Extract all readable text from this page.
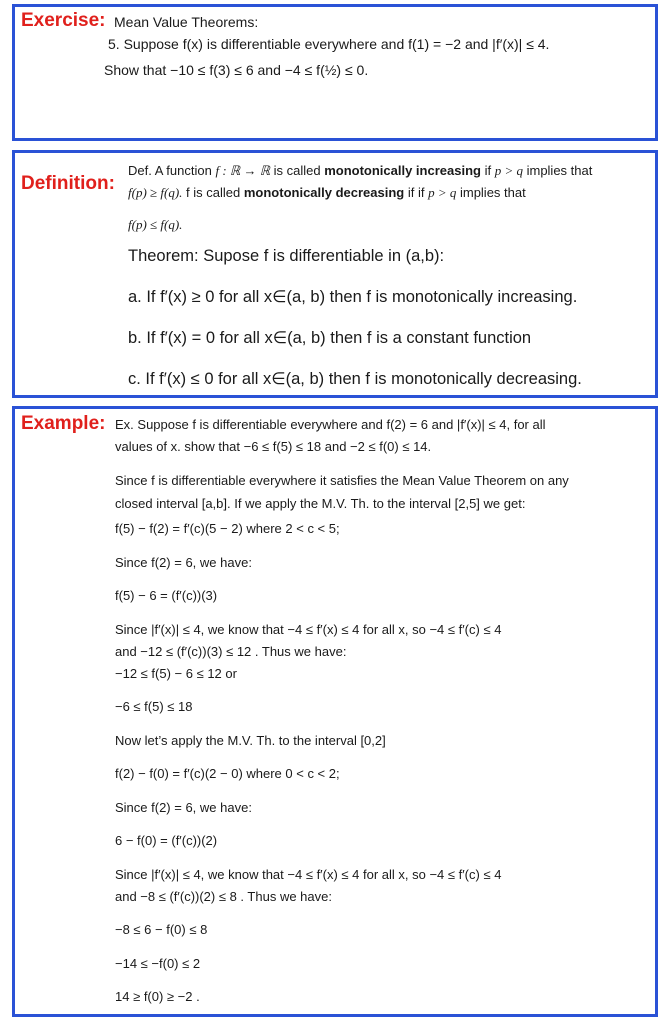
Exercise: Mean Value Theorems:
5. Suppose f(x) is differentiable everywhere and f(1) = −2 and |f′(x)| ≤ 4.
Show that −10 ≤ f(3) ≤ 6 and −4 ≤ f(½) ≤ 0.
Definition:
Def. A function f : ℝ → ℝ is called monotonically increasing if p > q implies that
f(p) ≥ f(q). f is called monotonically decreasing if if p > q implies that
f(p) ≤ f(q).
Theorem: Supose f is differentiable in (a,b):
a. If f′(x) ≥ 0 for all x∈(a, b) then f is monotonically increasing.
b. If f′(x) = 0 for all x∈(a, b) then f is a constant function
c. If f′(x) ≤ 0 for all x∈(a, b) then f is monotonically decreasing.
Example: Ex. Suppose f is differentiable everywhere and f(2) = 6 and |f′(x)| ≤ 4, for all
values of x. show that −6 ≤ f(5) ≤ 18 and −2 ≤ f(0) ≤ 14.
Since f is differentiable everywhere it satisfies the Mean Value Theorem on any
closed interval [a,b]. If we apply the M.V. Th. to the interval [2,5] we get:
f(5) − f(2) = f′(c)(5 − 2) where 2 < c < 5;
Since f(2) = 6, we have:
f(5) − 6 = (f′(c))(3)
Since |f′(x)| ≤ 4, we know that −4 ≤ f′(x) ≤ 4 for all x, so −4 ≤ f′(c) ≤ 4
and −12 ≤ (f′(c))(3) ≤ 12 . Thus we have:
−12 ≤ f(5) − 6 ≤ 12 or
−6 ≤ f(5) ≤ 18
Now let’s apply the M.V. Th. to the interval [0,2]
f(2) − f(0) = f′(c)(2 − 0) where 0 < c < 2;
Since f(2) = 6, we have:
6 − f(0) = (f′(c))(2)
Since |f′(x)| ≤ 4, we know that −4 ≤ f′(x) ≤ 4 for all x, so −4 ≤ f′(c) ≤ 4
and −8 ≤ (f′(c))(2) ≤ 8 . Thus we have:
−8 ≤ 6 − f(0) ≤ 8
−14 ≤ −f(0) ≤ 2
14 ≥ f(0) ≥ −2 .
